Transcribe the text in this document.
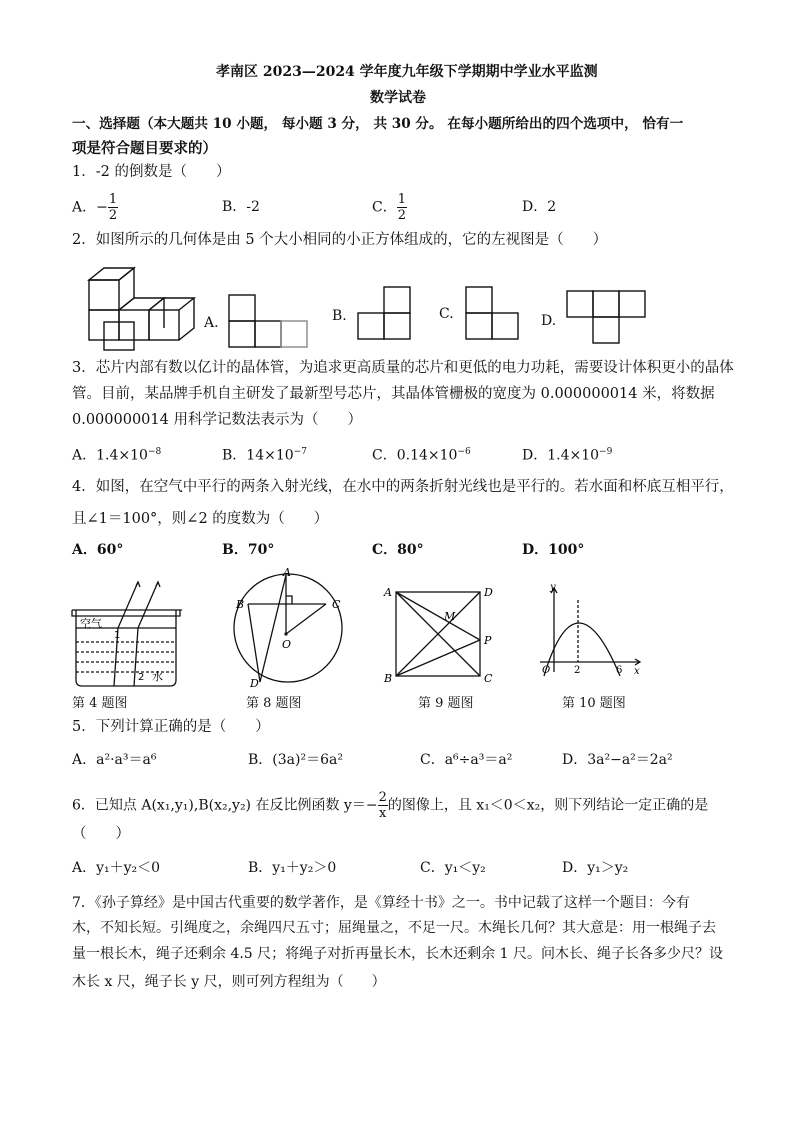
孝南区 2023—2024 学年度九年级下学期期中学业水平监测
数学试卷
一、选择题（本大题共 10 小题， 每小题 3 分， 共 30 分。 在每小题所给出的四个选项中， 恰有一
项是符合题目要求的）
1．-2 的倒数是（　　）
A．− $\frac{1}{2}$	B．-2	C． $\frac{1}{2}$	D．2
2．如图所示的几何体是由 5 个大小相同的小正方体组成的，它的左视图是（　　）
A.	B.	C.	D.
3．芯片内部有数以亿计的晶体管，为追求更高质量的芯片和更低的电力功耗，需要设计体积更小的晶体
管。目前，某品牌手机自主研发了最新型号芯片，其晶体管栅极的宽度为 0.000000014 米，将数据
0.000000014 用科学记数法表示为（　　）
A．$1.4\times 10^{-8}$	B．$14\times 10^{-7}$	C．$0.14\times 10^{-6}$	D．$1.4\times 10^{-9}$
4．如图，在空气中平行的两条入射光线，在水中的两条折射光线也是平行的。若水面和杯底互相平行，
且∠1＝100°，则∠2 的度数为（　　）
A．60°	B．70°	C．80°	D．100°
空气
1
2 水
第 4 题图
A
B	C
D
O
第 8 题图
A
B	C
D
M
P
第 9 题图
y
x
O 2	6
第 10 题图
5．下列计算正确的是（　　）
A．a²·a³＝a⁶	B．(3a)²＝6a²	C．a⁶÷a³＝a²	D．3a²−a²＝2a²
6．已知点 A(x₁,y₁),B(x₂,y₂) 在反比例函数 $y=- \frac{2}{x}$ 的图像上，且 x₁＜0＜x₂，则下列结论一定正确的是
（　　）
A．y₁＋y₂＜0	B．y₁＋y₂＞0	C．y₁＜y₂	D．y₁＞y₂
7．《孙子算经》是中国古代重要的数学著作，是《算经十书》之一。书中记载了这样一个题目：今有
木，不知长短。引绳度之，余绳四尺五寸；屈绳量之，不足一尺。木绳长几何？其大意是：用一根绳子去
量一根长木，绳子还剩余 4.5 尺；将绳子对折再量长木，长木还剩余 1 尺。问木长、绳子长各多少尺？设
木长 x 尺，绳子长 y 尺，则可列方程组为（　　）
